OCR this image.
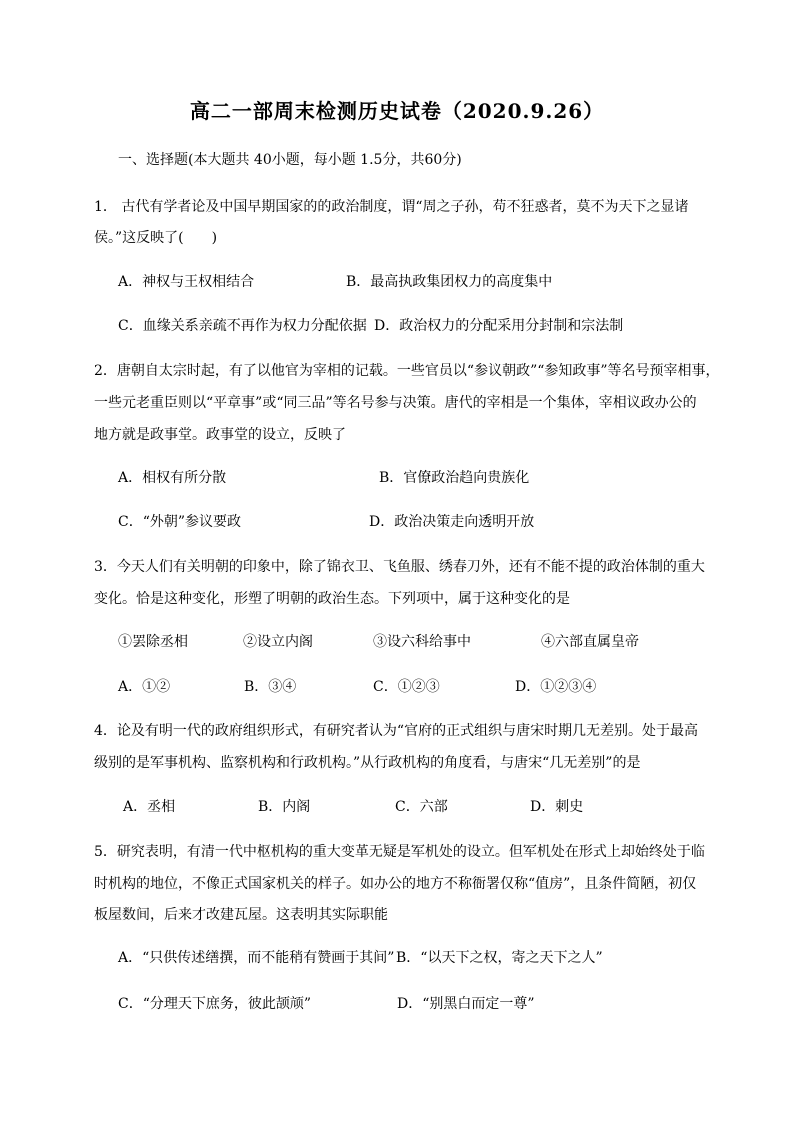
高二一部周末检测历史试卷（2020.9.26）
一、选择题(本大题共 40小题，每小题 1.5分，共60分)
1． 古代有学者论及中国早期国家的的政治制度，谓“周之子孙，苟不狂惑者，莫不为天下之显诸
侯。”这反映了(　　)
A．神权与王权相结合	B．最高执政集团权力的高度集中
C．血缘关系亲疏不再作为权力分配依据 D．政治权力的分配采用分封制和宗法制
2．唐朝自太宗时起，有了以他官为宰相的记载。一些官员以“参议朝政”“参知政事”等名号预宰相事，
一些元老重臣则以“平章事”或“同三品”等名号参与决策。唐代的宰相是一个集体，宰相议政办公的
地方就是政事堂。政事堂的设立，反映了
A．相权有所分散	B．官僚政治趋向贵族化
C．“外朝”参议要政	D．政治决策走向透明开放
3．今天人们有关明朝的印象中，除了锦衣卫、飞鱼服、绣春刀外，还有不能不提的政治体制的重大
变化。恰是这种变化，形塑了明朝的政治生态。下列项中，属于这种变化的是
①罢除丞相	②设立内阁	③设六科给事中	④六部直属皇帝
A．①②	B．③④	C．①②③	D．①②③④
4．论及有明一代的政府组织形式，有研究者认为“官府的正式组织与唐宋时期几无差别。处于最高
级别的是军事机构、监察机构和行政机构。”从行政机构的角度看，与唐宋“几无差别”的是
A．丞相	B．内阁	C．六部	D．刺史
5．研究表明，有清一代中枢机构的重大变革无疑是军机处的设立。但军机处在形式上却始终处于临
时机构的地位，不像正式国家机关的样子。如办公的地方不称衙署仅称“值房”，且条件简陋，初仅
板屋数间，后来才改建瓦屋。这表明其实际职能
A．“只供传述缮撰，而不能稍有赞画于其间” B．“以天下之权，寄之天下之人”
C．“分理天下庶务，彼此颉颃”	D．“别黑白而定一尊”
